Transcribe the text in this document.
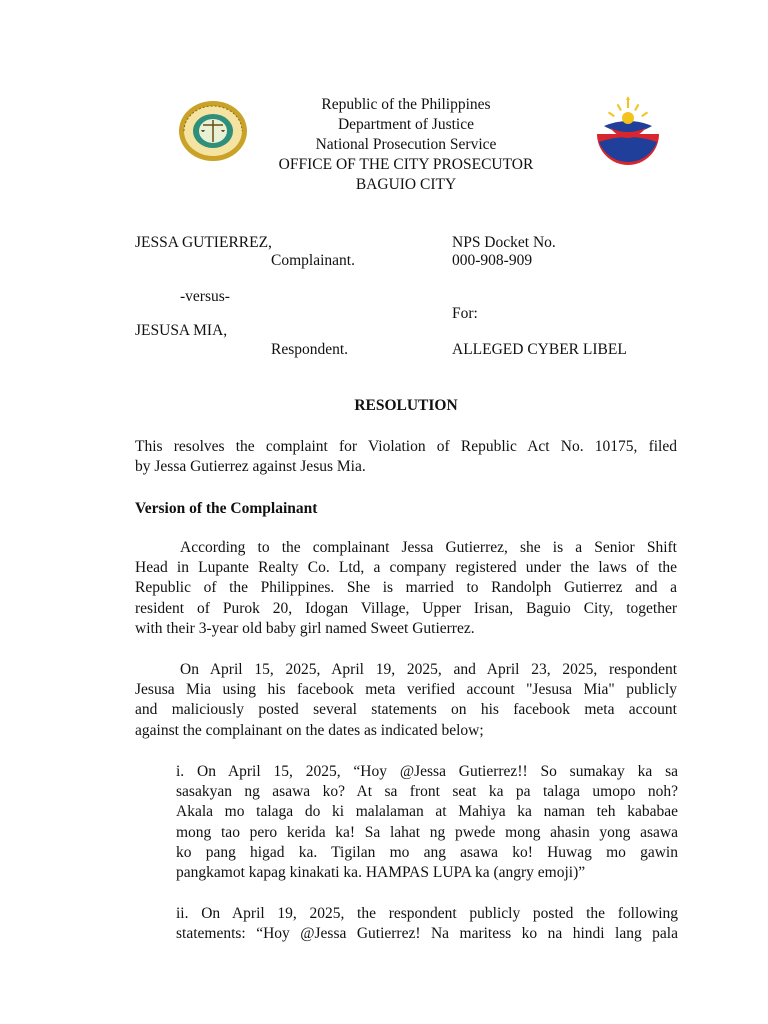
Republic of the Philippines
Department of Justice
National Prosecution Service
OFFICE OF THE CITY PROSECUTOR
BAGUIO CITY
JESSA GUTIERREZ,
Complainant.
-versus-
JESUSA MIA,
Respondent.
NPS Docket No.
000-908-909
For:
ALLEGED CYBER LIBEL
RESOLUTION
This resolves the complaint for Violation of Republic Act No. 10175, filed
by Jessa Gutierrez against Jesus Mia.
Version of the Complainant
According to the complainant Jessa Gutierrez, she is a Senior Shift
Head in Lupante Realty Co. Ltd, a company registered under the laws of the
Republic of the Philippines. She is married to Randolph Gutierrez and a
resident of Purok 20, Idogan Village, Upper Irisan, Baguio City, together
with their 3-year old baby girl named Sweet Gutierrez.
On April 15, 2025, April 19, 2025, and April 23, 2025, respondent
Jesusa Mia using his facebook meta verified account "Jesusa Mia" publicly
and maliciously posted several statements on his facebook meta account
against the complainant on the dates as indicated below;
i. On April 15, 2025, “Hoy @Jessa Gutierrez!! So sumakay ka sa
sasakyan ng asawa ko? At sa front seat ka pa talaga umopo noh?
Akala mo talaga do ki malalaman at Mahiya ka naman teh kababae
mong tao pero kerida ka! Sa lahat ng pwede mong ahasin yong asawa
ko pang higad ka. Tigilan mo ang asawa ko! Huwag mo gawin
pangkamot kapag kinakati ka. HAMPAS LUPA ka (angry emoji)”
ii. On April 19, 2025, the respondent publicly posted the following
statements: “Hoy @Jessa Gutierrez! Na maritess ko na hindi lang pala
